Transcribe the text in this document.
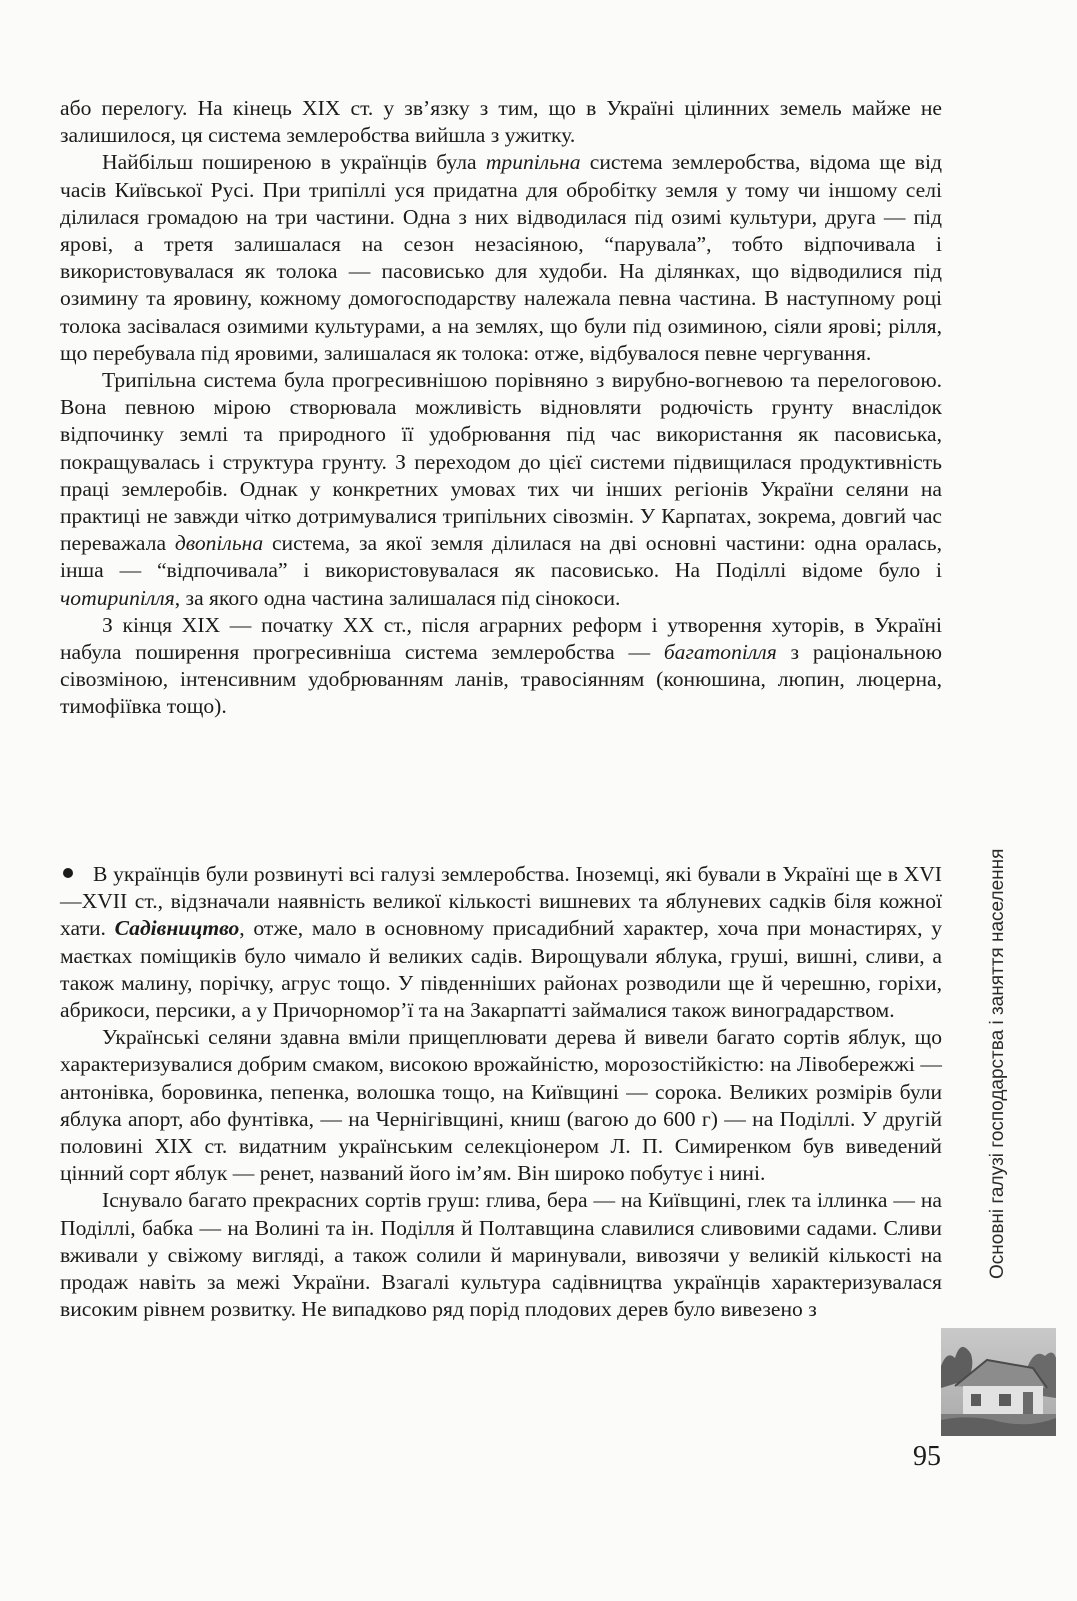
або перелогу. На кінець XIX ст. у зв’язку з тим, що в Україні цілинних земель майже не залишилося, ця система землеробства вийшла з ужитку.

Найбільш поширеною в українців була трипільна система землеробства, відома ще від часів Київської Русі. При трипіллі уся придатна для обробітку земля у тому чи іншому селі ділилася громадою на три частини. Одна з них відводилася під озимі культури, друга — під ярові, а третя залишалася на сезон незасіяною, “парувала”, тобто відпочивала і використовувалася як толока — пасовисько для худоби. На ділянках, що відводилися під озимину та яровину, кожному домогосподарству належала певна частина. В наступному році толока засівалася озимими культурами, а на землях, що були під озиминою, сіяли ярові; рілля, що перебувала під яровими, залишалася як толока: отже, відбувалося певне чергування.

Трипільна система була прогресивнішою порівняно з вирубно-вогневою та перелоговою. Вона певною мірою створювала можливість відновляти родючість грунту внаслідок відпочинку землі та природного її удобрювання під час використання як пасовиська, покращувалась і структура грунту. З переходом до цієї системи підвищилася продуктивність праці землеробів. Однак у конкретних умовах тих чи інших регіонів України селяни на практиці не завжди чітко дотримувалися трипільних сівозмін. У Карпатах, зокрема, довгий час переважала двопільна система, за якої земля ділилася на дві основні частини: одна оралась, інша — “відпочивала” і використовувалася як пасовисько. На Поділлі відоме було і чотирипілля, за якого одна частина залишалася під сінокоси.

З кінця XIX — початку XX ст., після аграрних реформ і утворення хуторів, в Україні набула поширення прогресивніша система землеробства — багатопілля з раціональною сівозміною, інтенсивним удобрюванням ланів, травосіянням (конюшина, люпин, люцерна, тимофіївка тощо).

В українців були розвинуті всі галузі землеробства. Іноземці, які бували в Україні ще в XVI—XVII ст., відзначали наявність великої кількості вишневих та яблуневих садків біля кожної хати. Садівництво, отже, мало в основному присадибний характер, хоча при монастирях, у маєтках поміщиків було чимало й великих садів. Вирощували яблука, груші, вишні, сливи, а також малину, порічку, агрус тощо. У південніших районах розводили ще й черешню, горіхи, абрикоси, персики, а у Причорномор’ї та на Закарпатті займалися також виноградарством.

Українські селяни здавна вміли прищеплювати дерева й вивели багато сортів яблук, що характеризувалися добрим смаком, високою врожайністю, морозостійкістю: на Лівобережжі — антонівка, боровинка, пепенка, волошка тощо, на Київщині — сорока. Великих розмірів були яблука апорт, або фунтівка, — на Чернігівщині, книш (вагою до 600 г) — на Поділлі. У другій половині XIX ст. видатним українським селекціонером Л. П. Симиренком був виведений цінний сорт яблук — ренет, названий його ім’ям. Він широко побутує і нині.

Існувало багато прекрасних сортів груш: глива, бера — на Київщині, глек та іллинка — на Поділлі, бабка — на Волині та ін. Поділля й Полтавщина славилися сливовими садами. Сливи вживали у свіжому вигляді, а також солили й маринували, вивозячи у великій кількості на продаж навіть за межі України. Взагалі культура садівництва українців характеризувалася високим рівнем розвитку. Не випадково ряд порід плодових дерев було вивезено з

Основні галузі господарства і заняття населення
95
